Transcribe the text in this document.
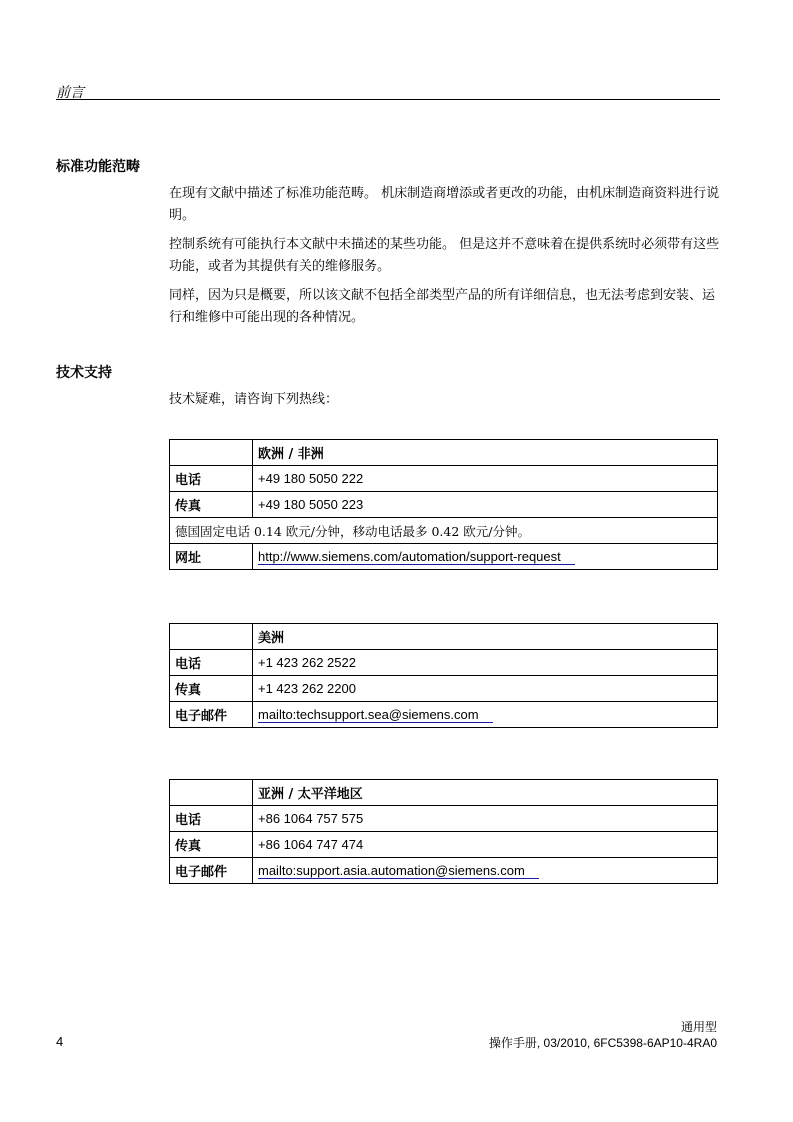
前言
标准功能范畴

在现有文献中描述了标准功能范畴。 机床制造商增添或者更改的功能，由机床制造商资料进行说明。

控制系统有可能执行本文献中未描述的某些功能。 但是这并不意味着在提供系统时必须带有这些功能，或者为其提供有关的维修服务。

同样，因为只是概要，所以该文献不包括全部类型产品的所有详细信息，也无法考虑到安装、运行和维修中可能出现的各种情况。

技术支持

技术疑难，请咨询下列热线：

	欧洲 / 非洲
电话	+49 180 5050 222
传真	+49 180 5050 223
德国固定电话 0.14 欧元/分钟，移动电话最多 0.42 欧元/分钟。	
网址	http://www.siemens.com/automation/support-request
	美洲
电话	+1 423 262 2522
传真	+1 423 262 2200
电子邮件	mailto:techsupport.sea@siemens.com
	亚洲 / 太平洋地区
电话	+86 1064 757 575
传真	+86 1064 747 474
电子邮件	mailto:support.asia.automation@siemens.com
通用型
操作手册, 03/2010, 6FC5398-6AP10-4RA0
4
